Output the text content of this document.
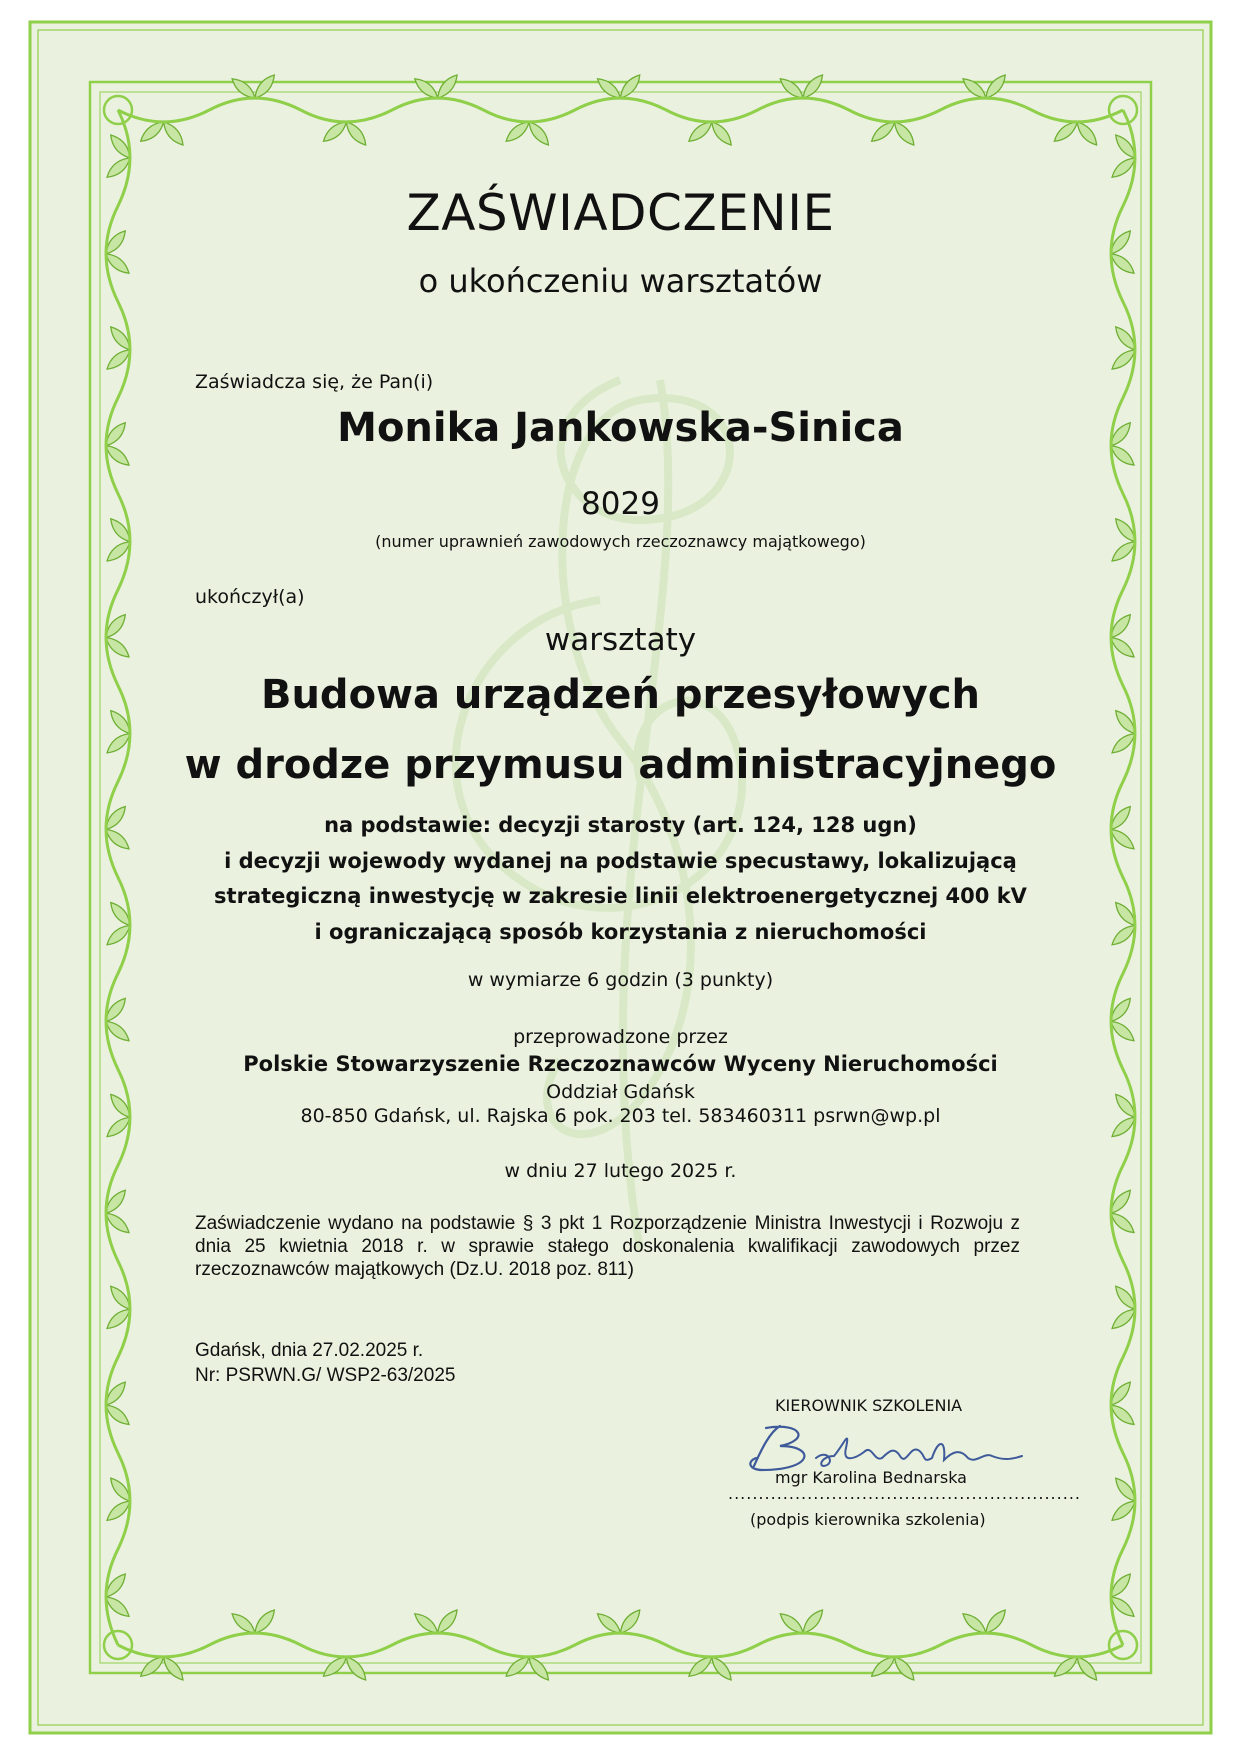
ZAŚWIADCZENIE

o ukończeniu warsztatów

Zaświadcza się, że Pan(i)

Monika Jankowska-Sinica

8029

(numer uprawnień zawodowych rzeczoznawcy majątkowego)

ukończył(a)

warsztaty

Budowa urządzeń przesyłowych

w drodze przymusu administracyjnego

na podstawie: decyzji starosty (art. 124, 128 ugn)

i decyzji wojewody wydanej na podstawie specustawy, lokalizującą

strategiczną inwestycję w zakresie linii elektroenergetycznej 400 kV

i ograniczającą sposób korzystania z nieruchomości

w wymiarze 6 godzin (3 punkty)

przeprowadzone przez

Polskie Stowarzyszenie Rzeczoznawców Wyceny Nieruchomości

Oddział Gdańsk

80-850 Gdańsk, ul. Rajska 6 pok. 203 tel. 583460311 psrwn@wp.pl

w dniu 27 lutego 2025 r.

Zaświadczenie wydano na podstawie § 3 pkt 1 Rozporządzenie Ministra Inwestycji i Rozwoju z dnia 25 kwietnia 2018 r. w sprawie stałego doskonalenia kwalifikacji zawodowych przez rzeczoznawców majątkowych (Dz.U. 2018 poz. 811)

Gdańsk, dnia 27.02.2025 r.

Nr: PSRWN.G/ WSP2-63/2025

KIEROWNIK SZKOLENIA

mgr Karolina Bednarska

..........................................................

(podpis kierownika szkolenia)
